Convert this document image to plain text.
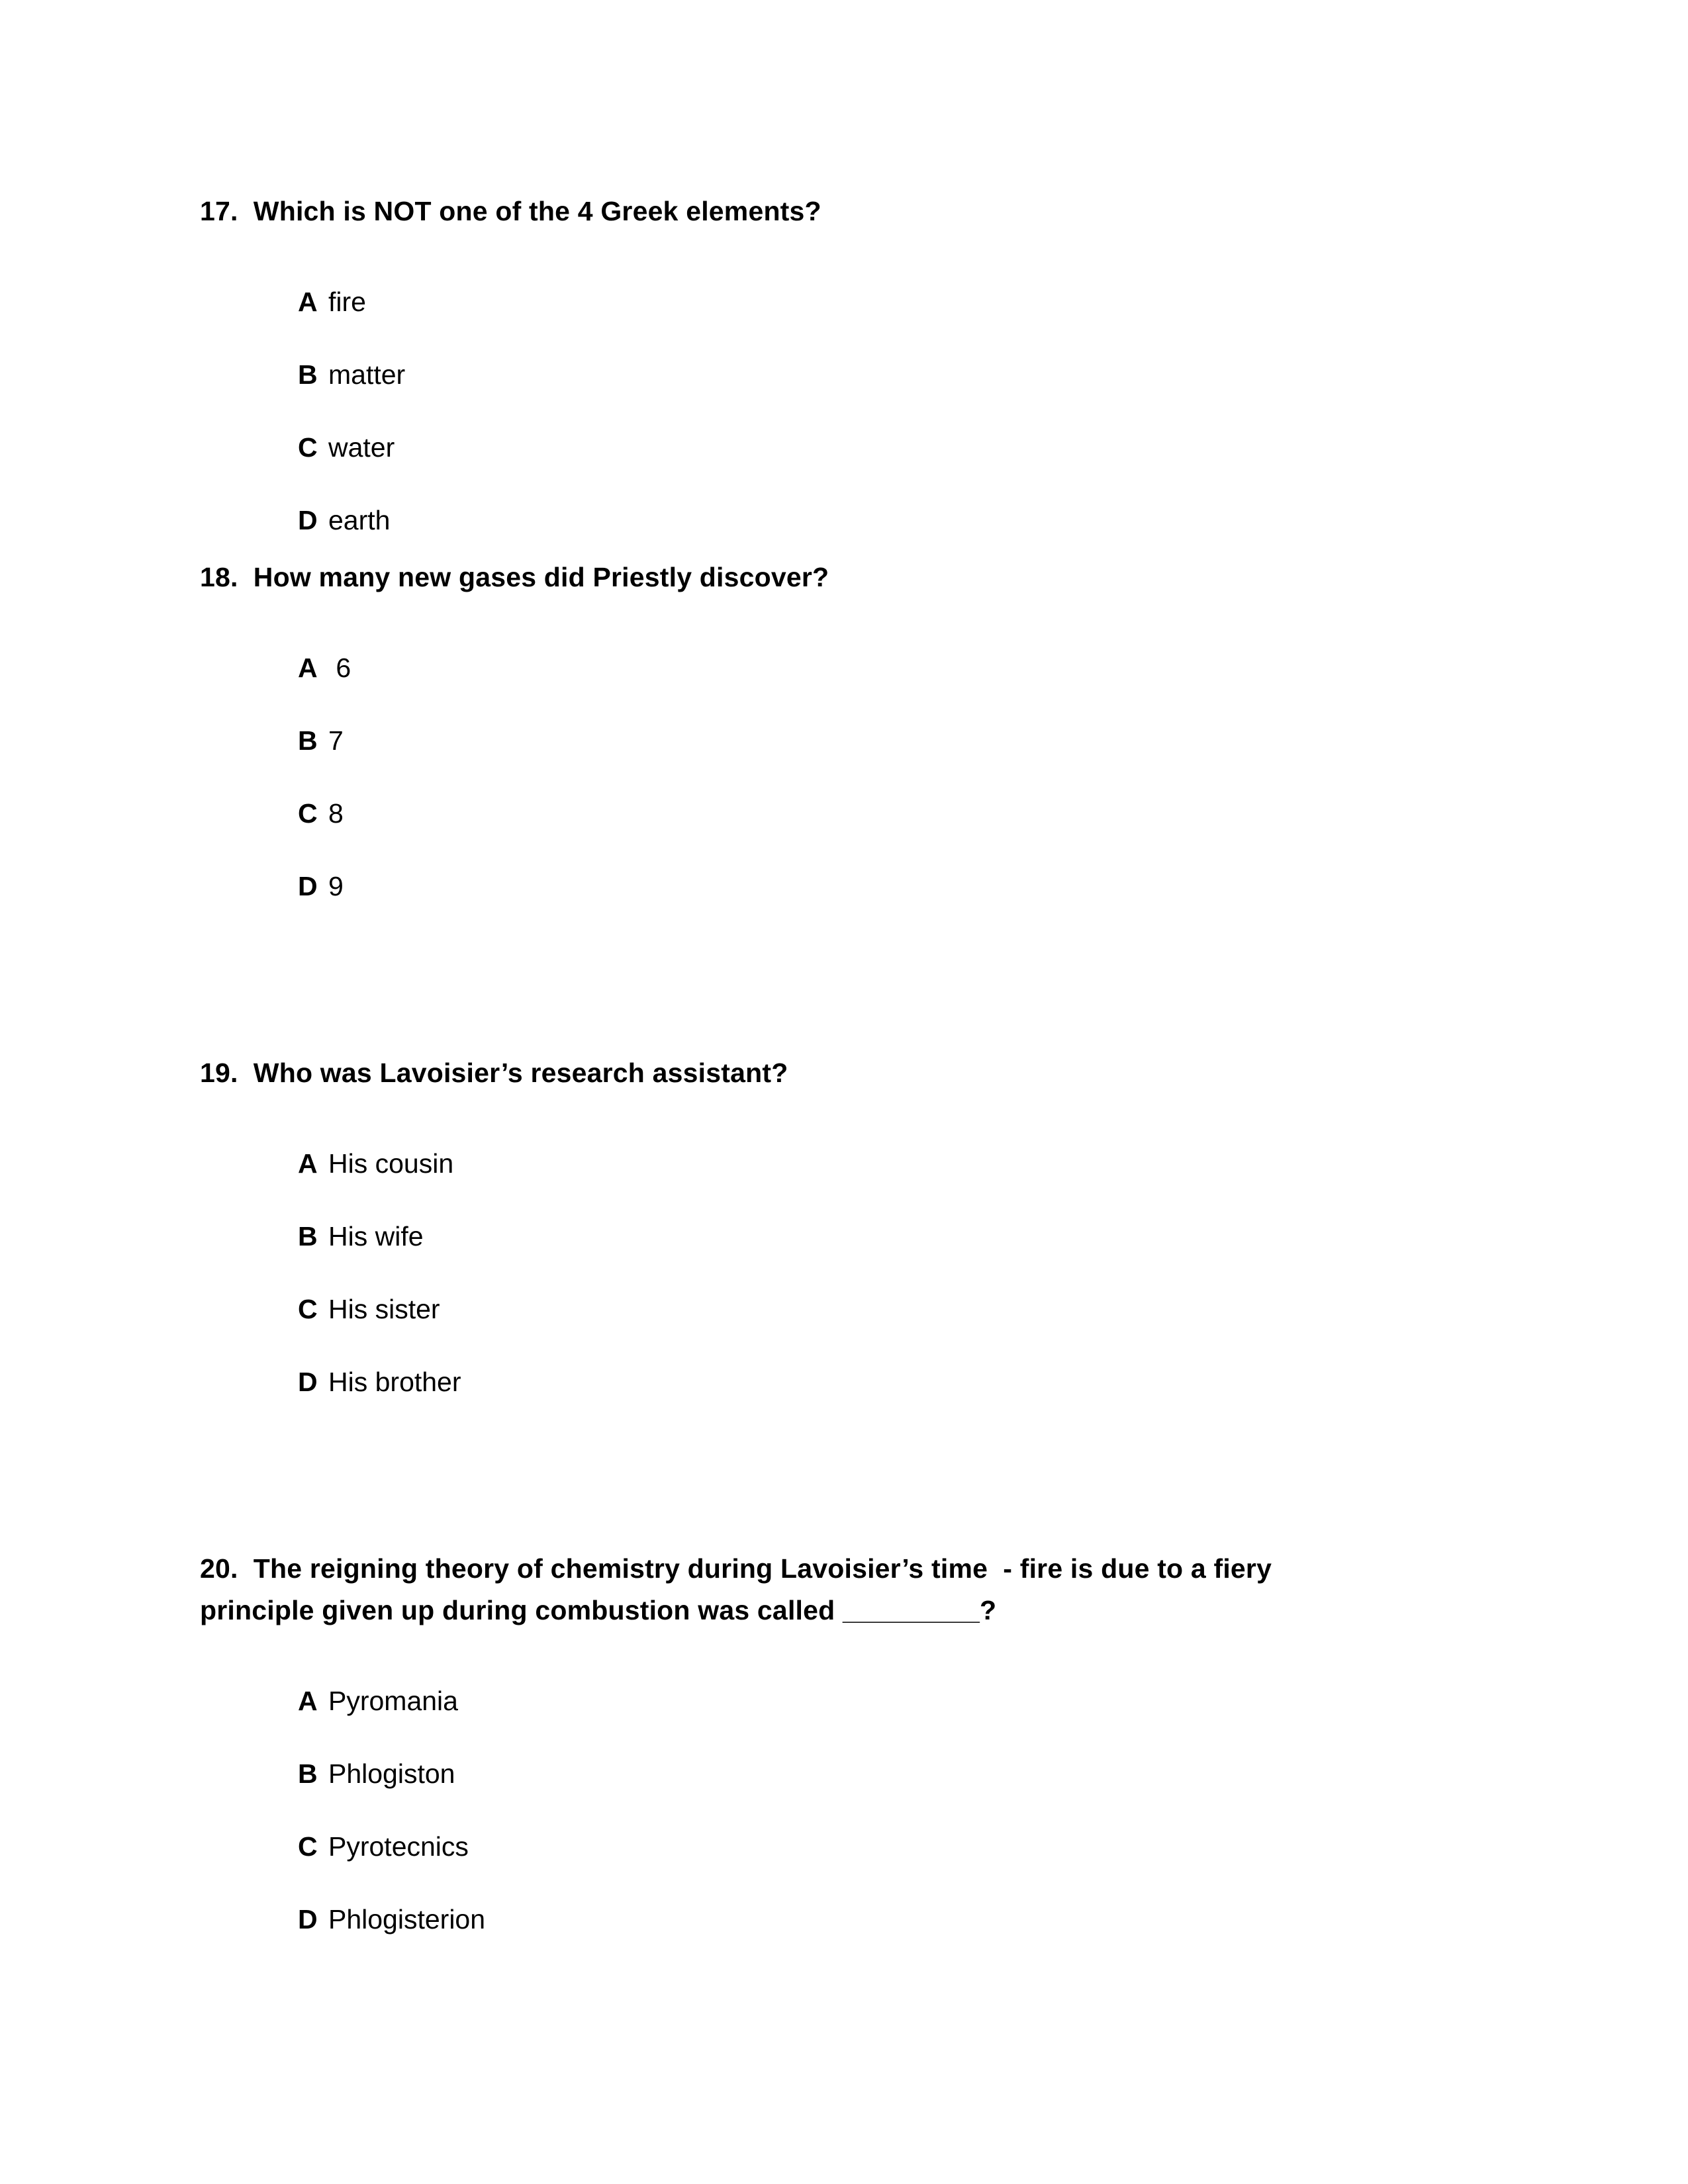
17. Which is NOT one of the 4 Greek elements?

A fire
B matter
C water
D earth

18. How many new gases did Priestly discover?

A 6
B 7
C 8
D 9

19. Who was Lavoisier’s research assistant?

A His cousin
B His wife
C His sister
D His brother

20. The reigning theory of chemistry during Lavoisier’s time  - fire is due to a fiery

principle given up during combustion was called _________?

A Pyromania
B Phlogiston
C Pyrotecnics
D Phlogisterion
